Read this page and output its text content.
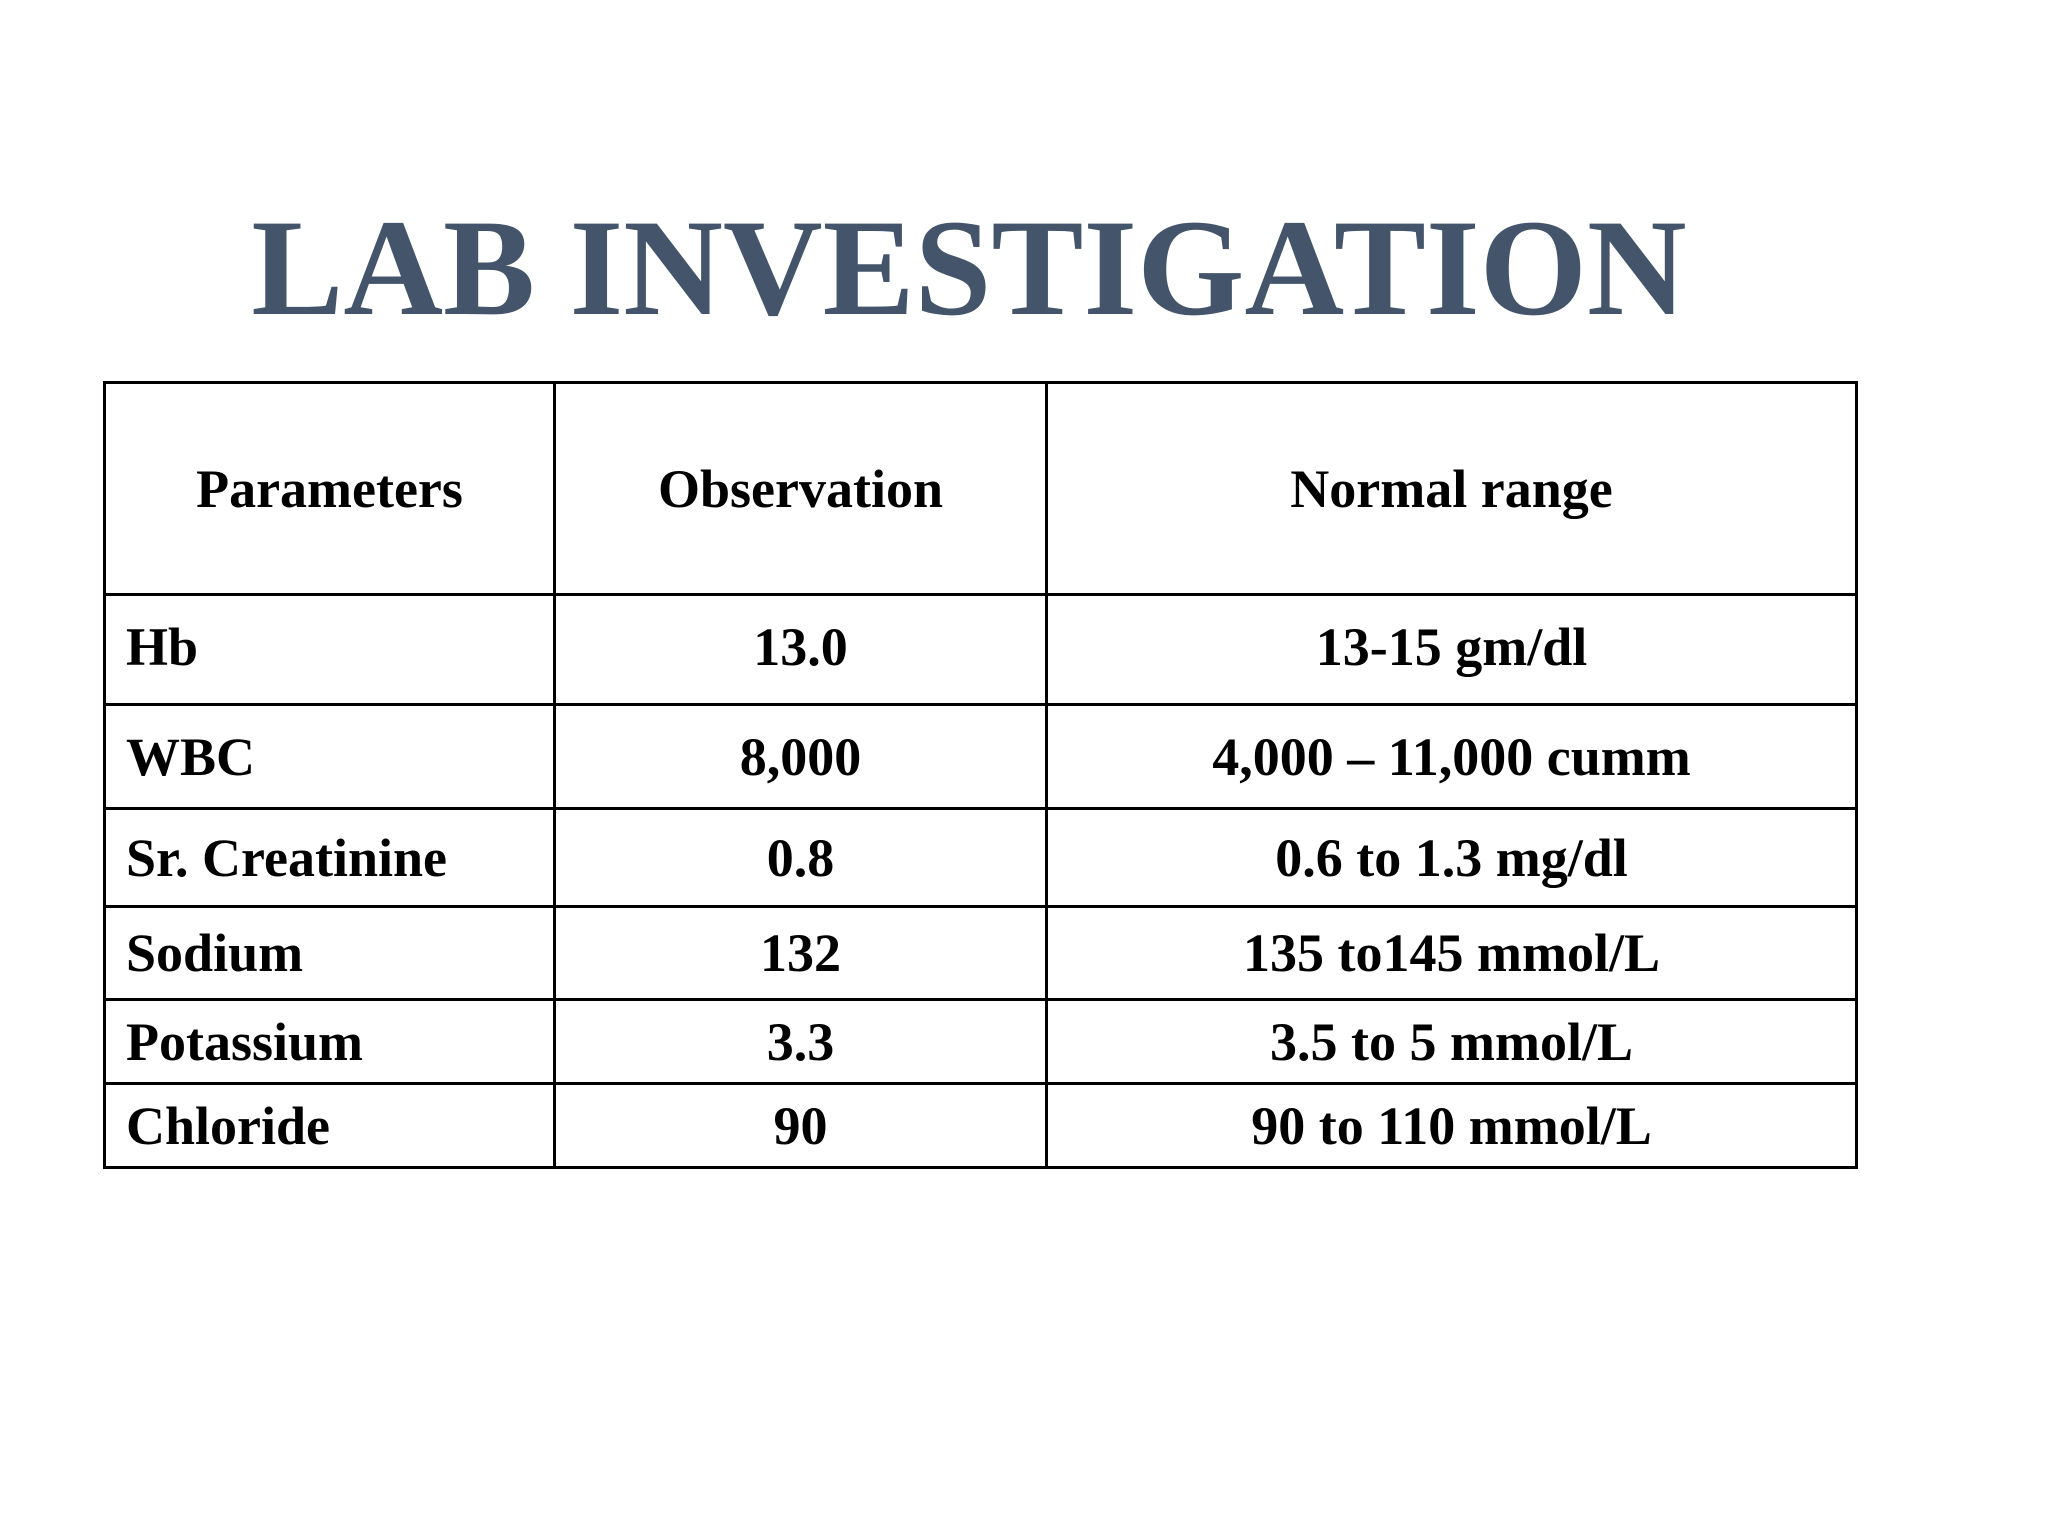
LAB INVESTIGATION
Parameters	Observation	Normal range
Hb	13.0	13-15 gm/dl
WBC	8,000	4,000 – 11,000 cumm
Sr. Creatinine	0.8	0.6 to 1.3 mg/dl
Sodium	132	135 to145 mmol/L
Potassium	3.3	3.5 to 5 mmol/L
Chloride	90	90 to 110 mmol/L
